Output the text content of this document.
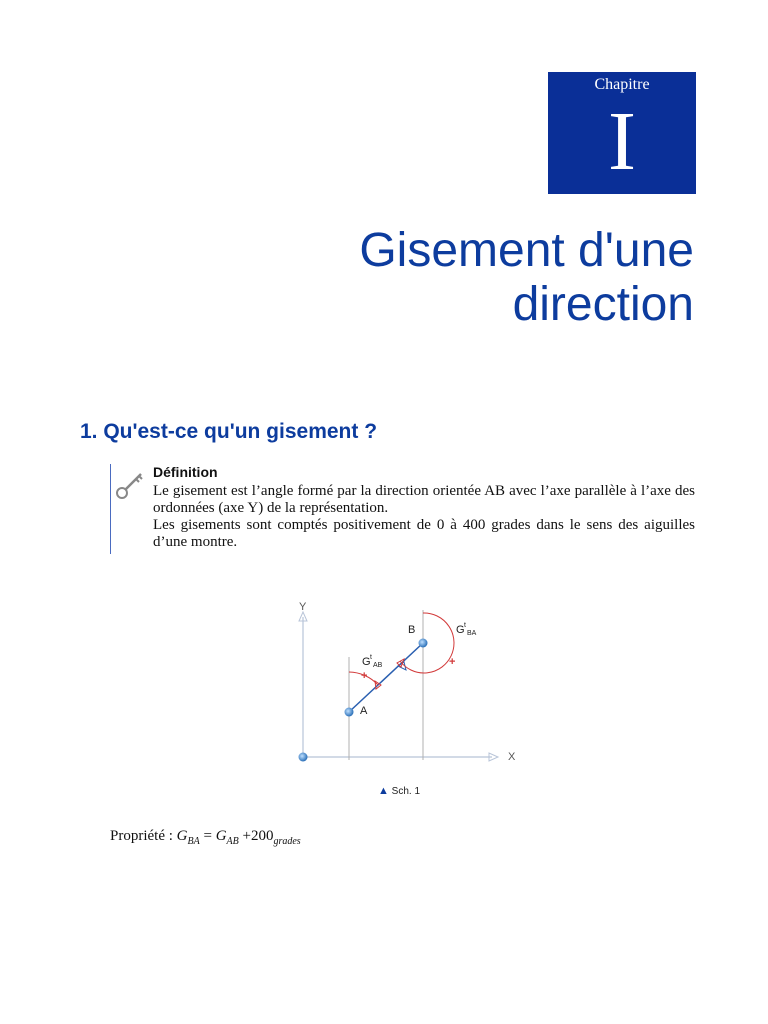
Chapitre
I
Gisement d'une
direction
1. Qu'est-ce qu'un gisement ?
Définition

Le gisement est l’angle formé par la direction orientée AB avec l’axe parallèle à l’axe des ordonnées (axe Y) de la représentation.

Les gisements sont comptés positivement de 0 à 400 grades dans le sens des aiguilles d’une montre.

Y
X
+
+
A
B
G t
AB
G t
BA
▲ Sch. 1
Propriété : $G_{BA} = G_{AB} +200_{grades}$
